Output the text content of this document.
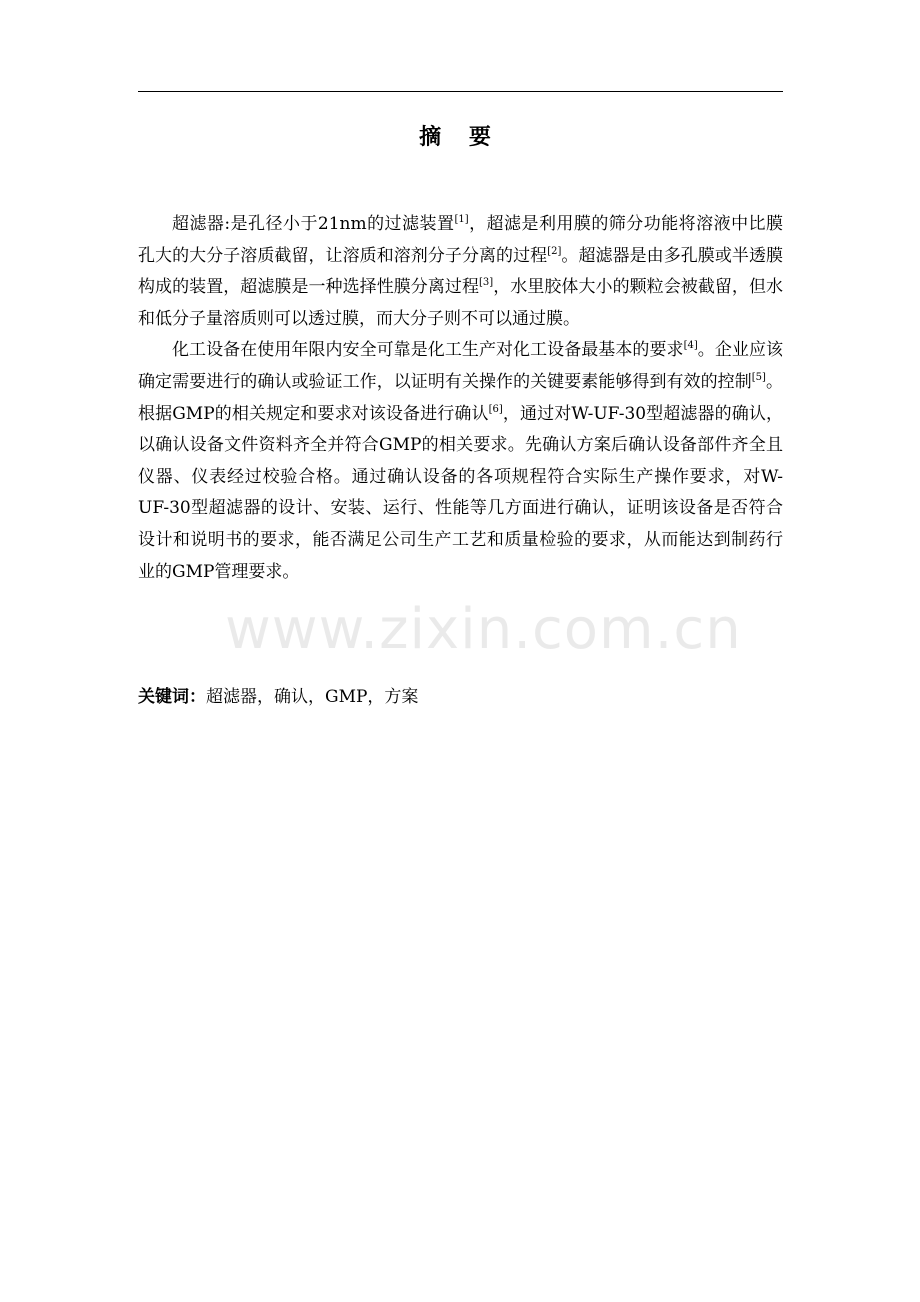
摘 要

超滤器:是孔径小于21nm的过滤装置[1]，超滤是利用膜的筛分功能将溶液中比膜孔大的大分子溶质截留，让溶质和溶剂分子分离的过程[2]。超滤器是由多孔膜或半透膜构成的装置，超滤膜是一种选择性膜分离过程[3]，水里胶体大小的颗粒会被截留，但水和低分子量溶质则可以透过膜，而大分子则不可以通过膜。

化工设备在使用年限内安全可靠是化工生产对化工设备最基本的要求[4]。企业应该确定需要进行的确认或验证工作，以证明有关操作的关键要素能够得到有效的控制[5]。根据GMP的相关规定和要求对该设备进行确认[6]，通过对W-UF-30型超滤器的确认，以确认设备文件资料齐全并符合GMP的相关要求。先确认方案后确认设备部件齐全且仪器、仪表经过校验合格。通过确认设备的各项规程符合实际生产操作要求，对W-UF-30型超滤器的设计、安装、运行、性能等几方面进行确认，证明该设备是否符合设计和说明书的要求，能否满足公司生产工艺和质量检验的要求，从而能达到制药行业的GMP管理要求。

关键词：超滤器，确认，GMP，方案
www.zixin.com.cn
